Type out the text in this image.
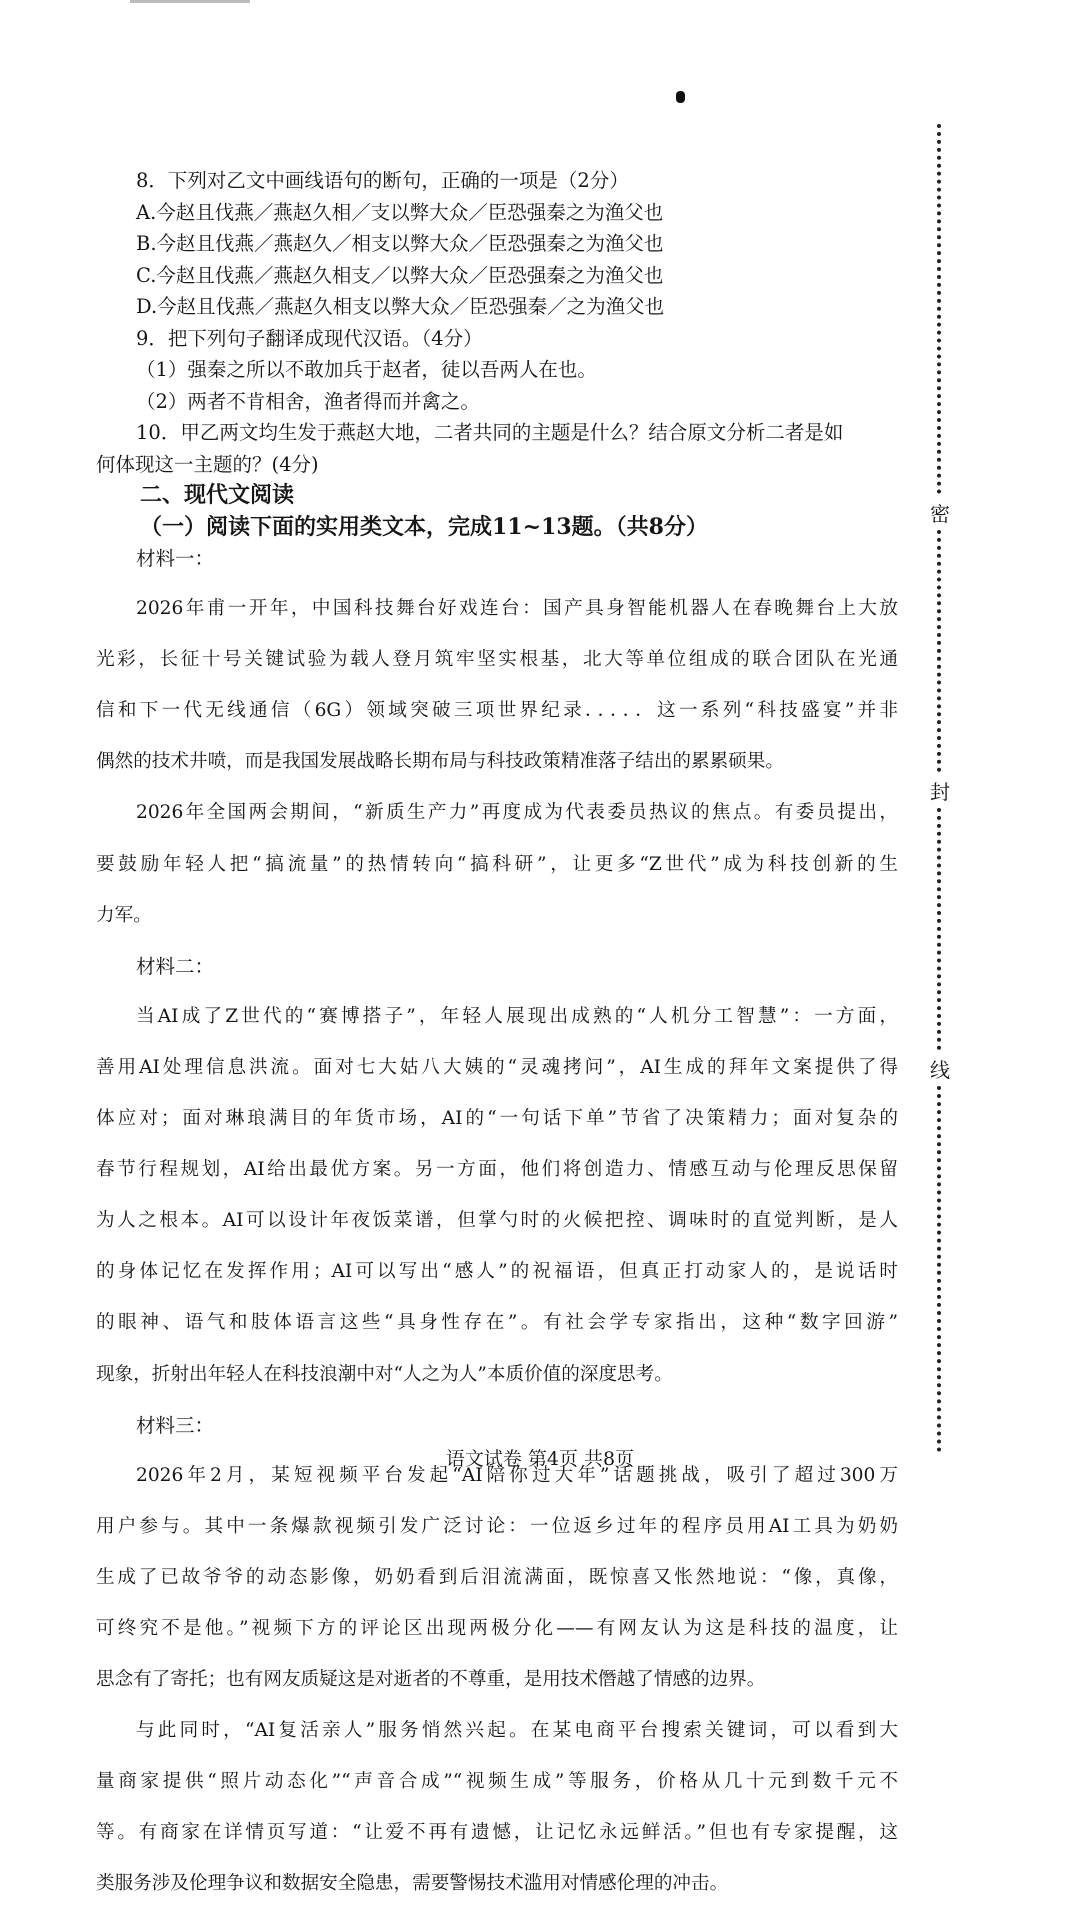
8．下列对乙文中画线语句的断句，正确的一项是（2分）

A.今赵且伐燕／燕赵久相／支以弊大众／臣恐强秦之为渔父也

B.今赵且伐燕／燕赵久／相支以弊大众／臣恐强秦之为渔父也

C.今赵且伐燕／燕赵久相支／以弊大众／臣恐强秦之为渔父也

D.今赵且伐燕／燕赵久相支以弊大众／臣恐强秦／之为渔父也

9．把下列句子翻译成现代汉语。（4分）

（1）强秦之所以不敢加兵于赵者，徒以吾两人在也。

（2）两者不肯相舍，渔者得而并禽之。

10．甲乙两文均生发于燕赵大地，二者共同的主题是什么？结合原文分析二者是如

何体现这一主题的？(4分)

二、现代文阅读

（一）阅读下面的实用类文本，完成11~13题。（共8分）

材料一：

2026年甫一开年，中国科技舞台好戏连台：国产具身智能机器人在春晚舞台上大放

光彩，长征十号关键试验为载人登月筑牢坚实根基，北大等单位组成的联合团队在光通

信和下一代无线通信（6G）领域突破三项世界纪录．．．．．这一系列“科技盛宴”并非

偶然的技术井喷，而是我国发展战略长期布局与科技政策精准落子结出的累累硕果。

2026年全国两会期间，“新质生产力”再度成为代表委员热议的焦点。有委员提出，

要鼓励年轻人把“搞流量”的热情转向“搞科研”，让更多“Z世代”成为科技创新的生

力军。

材料二：

当AI成了Z世代的“赛博搭子”，年轻人展现出成熟的“人机分工智慧”：一方面，

善用AI处理信息洪流。面对七大姑八大姨的“灵魂拷问”，AI生成的拜年文案提供了得

体应对；面对琳琅满目的年货市场，AI的“一句话下单”节省了决策精力；面对复杂的

春节行程规划，AI给出最优方案。另一方面，他们将创造力、情感互动与伦理反思保留

为人之根本。AI可以设计年夜饭菜谱，但掌勺时的火候把控、调味时的直觉判断，是人

的身体记忆在发挥作用；AI可以写出“感人”的祝福语，但真正打动家人的，是说话时

的眼神、语气和肢体语言这些“具身性存在”。有社会学专家指出，这种“数字回游”

现象，折射出年轻人在科技浪潮中对“人之为人”本质价值的深度思考。

材料三：

2026年2月，某短视频平台发起“AI陪你过大年”话题挑战，吸引了超过300万

用户参与。其中一条爆款视频引发广泛讨论：一位返乡过年的程序员用AI工具为奶奶

生成了已故爷爷的动态影像，奶奶看到后泪流满面，既惊喜又怅然地说：“像，真像，

可终究不是他。”视频下方的评论区出现两极分化——有网友认为这是科技的温度，让

思念有了寄托；也有网友质疑这是对逝者的不尊重，是用技术僭越了情感的边界。

与此同时，“AI复活亲人”服务悄然兴起。在某电商平台搜索关键词，可以看到大

量商家提供“照片动态化”“声音合成”“视频生成”等服务，价格从几十元到数千元不

等。有商家在详情页写道：“让爱不再有遗憾，让记忆永远鲜活。”但也有专家提醒，这

类服务涉及伦理争议和数据安全隐患，需要警惕技术滥用对情感伦理的冲击。

密
封
线
语文试卷 第4页 共8页
